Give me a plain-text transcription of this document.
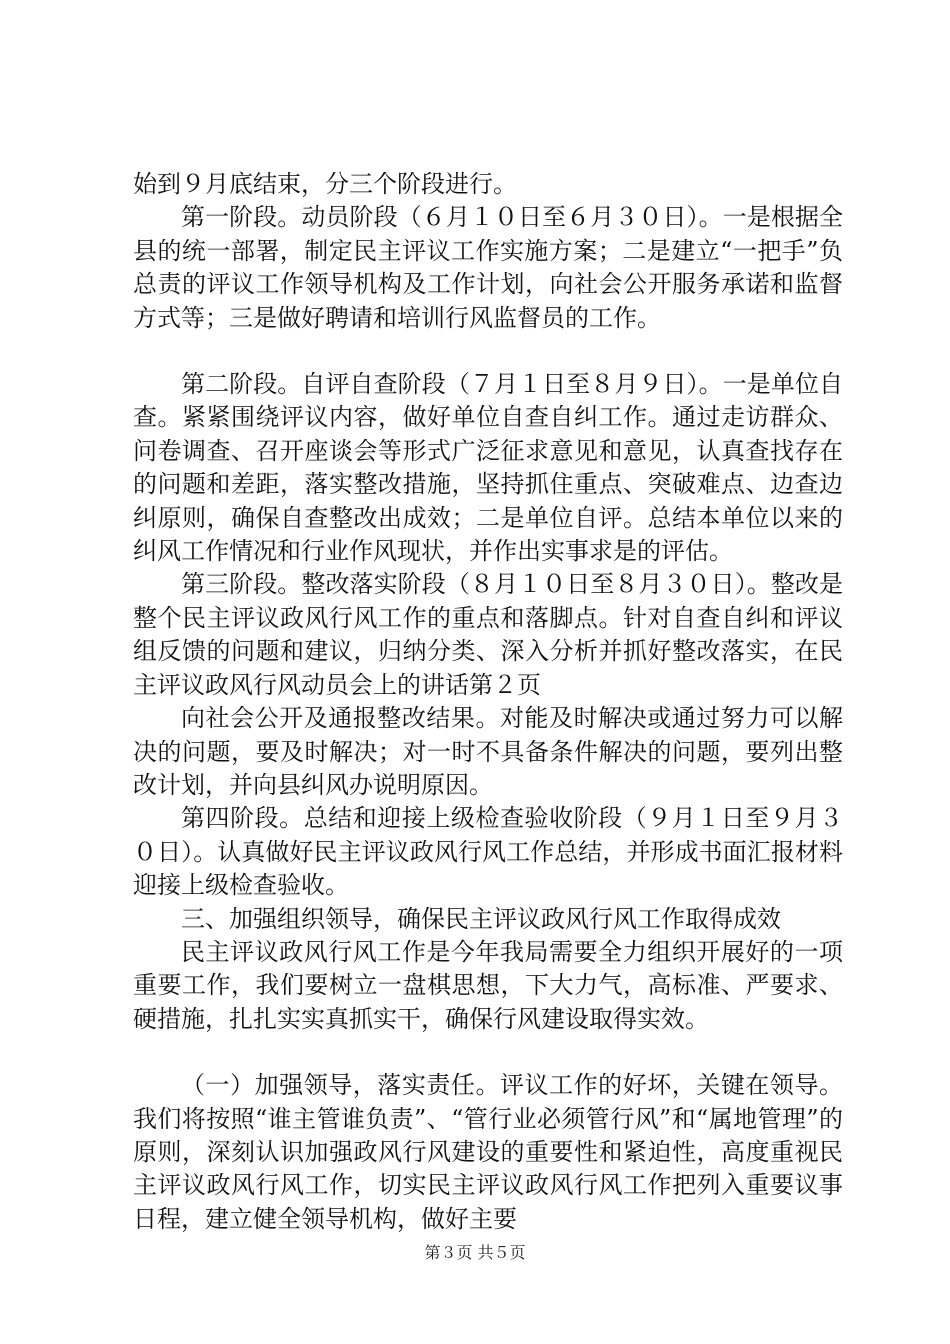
始到９月底结束，分三个阶段进行。

第一阶段。动员阶段（６月１０日至６月３０日）。一是根据全县的统一部署，制定民主评议工作实施方案；二是建立“一把手”负总责的评议工作领导机构及工作计划，向社会公开服务承诺和监督方式等；三是做好聘请和培训行风监督员的工作。

第二阶段。自评自查阶段（７月１日至８月９日）。一是单位自查。紧紧围绕评议内容，做好单位自查自纠工作。通过走访群众、问卷调查、召开座谈会等形式广泛征求意见和意见，认真查找存在的问题和差距，落实整改措施，坚持抓住重点、突破难点、边查边纠原则，确保自查整改出成效；二是单位自评。总结本单位以来的纠风工作情况和行业作风现状，并作出实事求是的评估。

第三阶段。整改落实阶段（８月１０日至８月３０日）。整改是整个民主评议政风行风工作的重点和落脚点。针对自查自纠和评议组反馈的问题和建议，归纳分类、深入分析并抓好整改落实，在民主评议政风行风动员会上的讲话第２页

向社会公开及通报整改结果。对能及时解决或通过努力可以解决的问题，要及时解决；对一时不具备条件解决的问题，要列出整改计划，并向县纠风办说明原因。

第四阶段。总结和迎接上级检查验收阶段（９月１日至９月３０日）。认真做好民主评议政风行风工作总结，并形成书面汇报材料迎接上级检查验收。

三、加强组织领导，确保民主评议政风行风工作取得成效

民主评议政风行风工作是今年我局需要全力组织开展好的一项重要工作，我们要树立一盘棋思想，下大力气，高标准、严要求、硬措施，扎扎实实真抓实干，确保行风建设取得实效。

（一）加强领导，落实责任。评议工作的好坏，关键在领导。我们将按照“谁主管谁负责”、“管行业必须管行风”和“属地管理”的原则，深刻认识加强政风行风建设的重要性和紧迫性，高度重视民主评议政风行风工作，切实民主评议政风行风工作把列入重要议事日程，建立健全领导机构，做好主要

第３页 共５页
